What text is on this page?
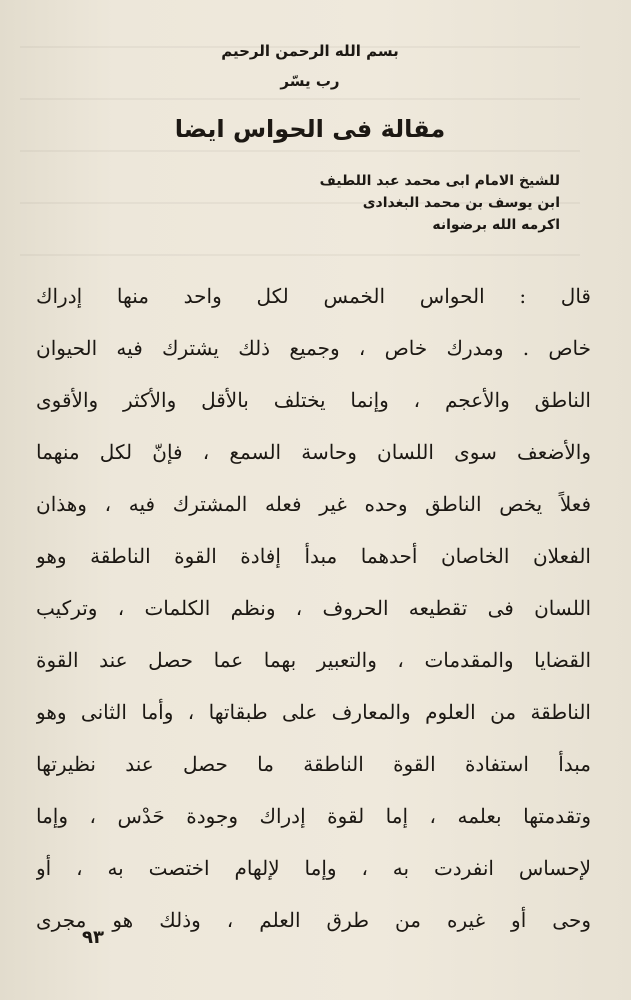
بسم الله الرحمن الرحيم
رب يسّر
مقالة فى الحواس ايضا
للشيخ الامام ابى محمد عبد اللطيف
ابن يوسف بن محمد البغدادى
اكرمه الله برضوانه
قال : الحواس الخمس لكل واحد منها إدراك
خاص . ومدرك خاص ، وجميع ذلك يشترك فيه الحيوان
الناطق والأعجم ، وإنما يختلف بالأقل والأكثر والأقوى
والأضعف سوى اللسان وحاسة السمع ، فإنّ لكل منهما
فعلاً يخص الناطق وحده غير فعله المشترك فيه ، وهذان
الفعلان الخاصان أحدهما مبدأ إفادة القوة الناطقة وهو
اللسان فى تقطيعه الحروف ، ونظم الكلمات ، وتركيب
القضايا والمقدمات ، والتعبير بهما عما حصل عند القوة
الناطقة من العلوم والمعارف على طبقاتها ، وأما الثانى وهو
مبدأ استفادة القوة الناطقة ما حصل عند نظيرتها
وتقدمتها بعلمه ، إما لقوة إدراك وجودة حَدْس ، وإما
لإحساس انفردت به ، وإما لإلهام اختصت به ، أو
وحى أو غيره من طرق العلم ، وذلك هو مجرى
٩٣
